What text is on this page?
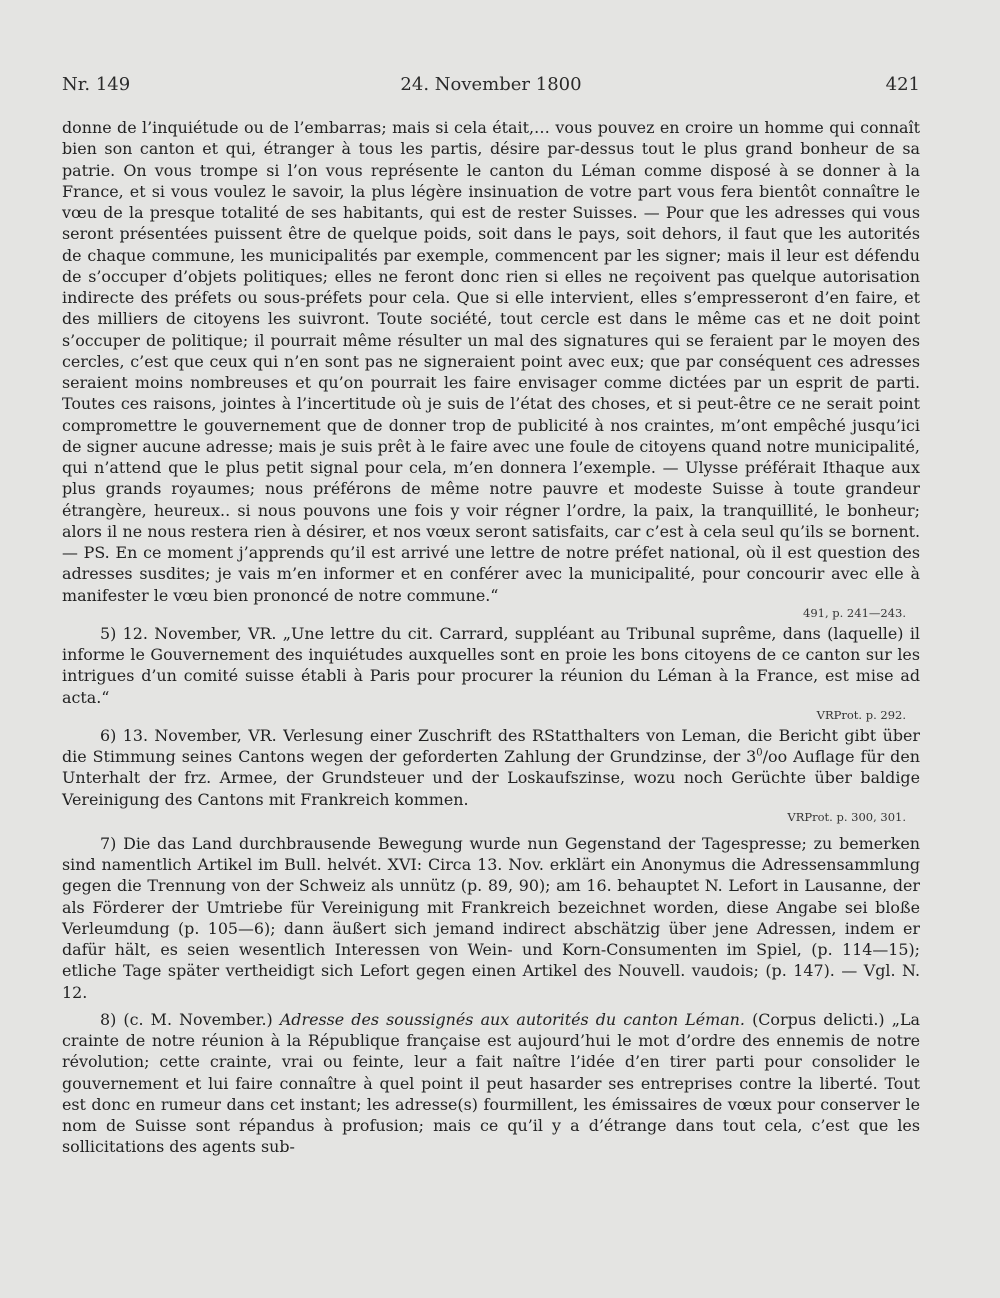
Nr. 149	24. November 1800	421

donne de l’inquiétude ou de l’embarras; mais si cela était,… vous pouvez en croire un homme qui connaît bien son canton et qui, étranger à tous les partis, désire par-dessus tout le plus grand bonheur de sa patrie. On vous trompe si l’on vous représente le canton du Léman comme disposé à se donner à la France, et si vous voulez le savoir, la plus légère insinuation de votre part vous fera bientôt connaître le vœu de la presque totalité de ses habitants, qui est de rester Suisses. — Pour que les adresses qui vous seront présentées puissent être de quelque poids, soit dans le pays, soit dehors, il faut que les autorités de chaque commune, les municipalités par exemple, commencent par les signer; mais il leur est défendu de s’occuper d’objets politiques; elles ne feront donc rien si elles ne reçoivent pas quelque autorisation indirecte des préfets ou sous-préfets pour cela. Que si elle intervient, elles s’empresseront d’en faire, et des milliers de citoyens les suivront. Toute société, tout cercle est dans le même cas et ne doit point s’occuper de politique; il pourrait même résulter un mal des signatures qui se feraient par le moyen des cercles, c’est que ceux qui n’en sont pas ne signeraient point avec eux; que par conséquent ces adresses seraient moins nombreuses et qu’on pourrait les faire envisager comme dictées par un esprit de parti. Toutes ces raisons, jointes à l’incertitude où je suis de l’état des choses, et si peut-être ce ne serait point compromettre le gouvernement que de donner trop de publicité à nos craintes, m’ont empêché jusqu’ici de signer aucune adresse; mais je suis prêt à le faire avec une foule de citoyens quand notre municipalité, qui n’attend que le plus petit signal pour cela, m’en donnera l’exemple. — Ulysse préférait Ithaque aux plus grands royaumes; nous préférons de même notre pauvre et modeste Suisse à toute grandeur étrangère, heureux.. si nous pouvons une fois y voir régner l’ordre, la paix, la tranquillité, le bonheur; alors il ne nous restera rien à désirer, et nos vœux seront satisfaits, car c’est à cela seul qu’ils se bornent. — PS. En ce moment j’apprends qu’il est arrivé une lettre de notre préfet national, où il est question des adresses susdites; je vais m’en informer et en conférer avec la municipalité, pour concourir avec elle à manifester le vœu bien prononcé de notre commune.“

491, p. 241—243.

5) 12. November, VR. „Une lettre du cit. Carrard, suppléant au Tribunal suprême, dans (laquelle) il informe le Gouvernement des inquiétudes auxquelles sont en proie les bons citoyens de ce canton sur les intrigues d’un comité suisse établi à Paris pour procurer la réunion du Léman à la France, est mise ad acta.“

VRProt. p. 292.

6) 13. November, VR. Verlesung einer Zuschrift des RStatthalters von Leman, die Bericht gibt über die Stimmung seines Cantons wegen der geforderten Zahlung der Grundzinse, der $3^0/oo$ Auflage für den Unterhalt der frz. Armee, der Grundsteuer und der Loskaufszinse, wozu noch Gerüchte über baldige Vereinigung des Cantons mit Frankreich kommen.

VRProt. p. 300, 301.

7) Die das Land durchbrausende Bewegung wurde nun Gegenstand der Tagespresse; zu bemerken sind namentlich Artikel im Bull. helvét. XVI: Circa 13. Nov. erklärt ein Anonymus die Adressensammlung gegen die Trennung von der Schweiz als unnütz (p. 89, 90); am 16. behauptet N. Lefort in Lausanne, der als Förderer der Umtriebe für Vereinigung mit Frankreich bezeichnet worden, diese Angabe sei bloße Verleumdung (p. 105—6); dann äußert sich jemand indirect abschätzig über jene Adressen, indem er dafür hält, es seien wesentlich Interessen von Wein- und Korn-Consumenten im Spiel, (p. 114—15); etliche Tage später vertheidigt sich Lefort gegen einen Artikel des Nouvell. vaudois; (p. 147). — Vgl. N. 12.

8) (c. M. November.) Adresse des soussignés aux autorités du canton Léman. (Corpus delicti.) „La crainte de notre réunion à la République française est aujourd’hui le mot d’ordre des ennemis de notre révolution; cette crainte, vrai ou feinte, leur a fait naître l’idée d’en tirer parti pour consolider le gouvernement et lui faire connaître à quel point il peut hasarder ses entreprises contre la liberté. Tout est donc en rumeur dans cet instant; les adresse(s) fourmillent, les émissaires de vœux pour conserver le nom de Suisse sont répandus à profusion; mais ce qu’il y a d’étrange dans tout cela, c’est que les sollicitations des agents sub-
